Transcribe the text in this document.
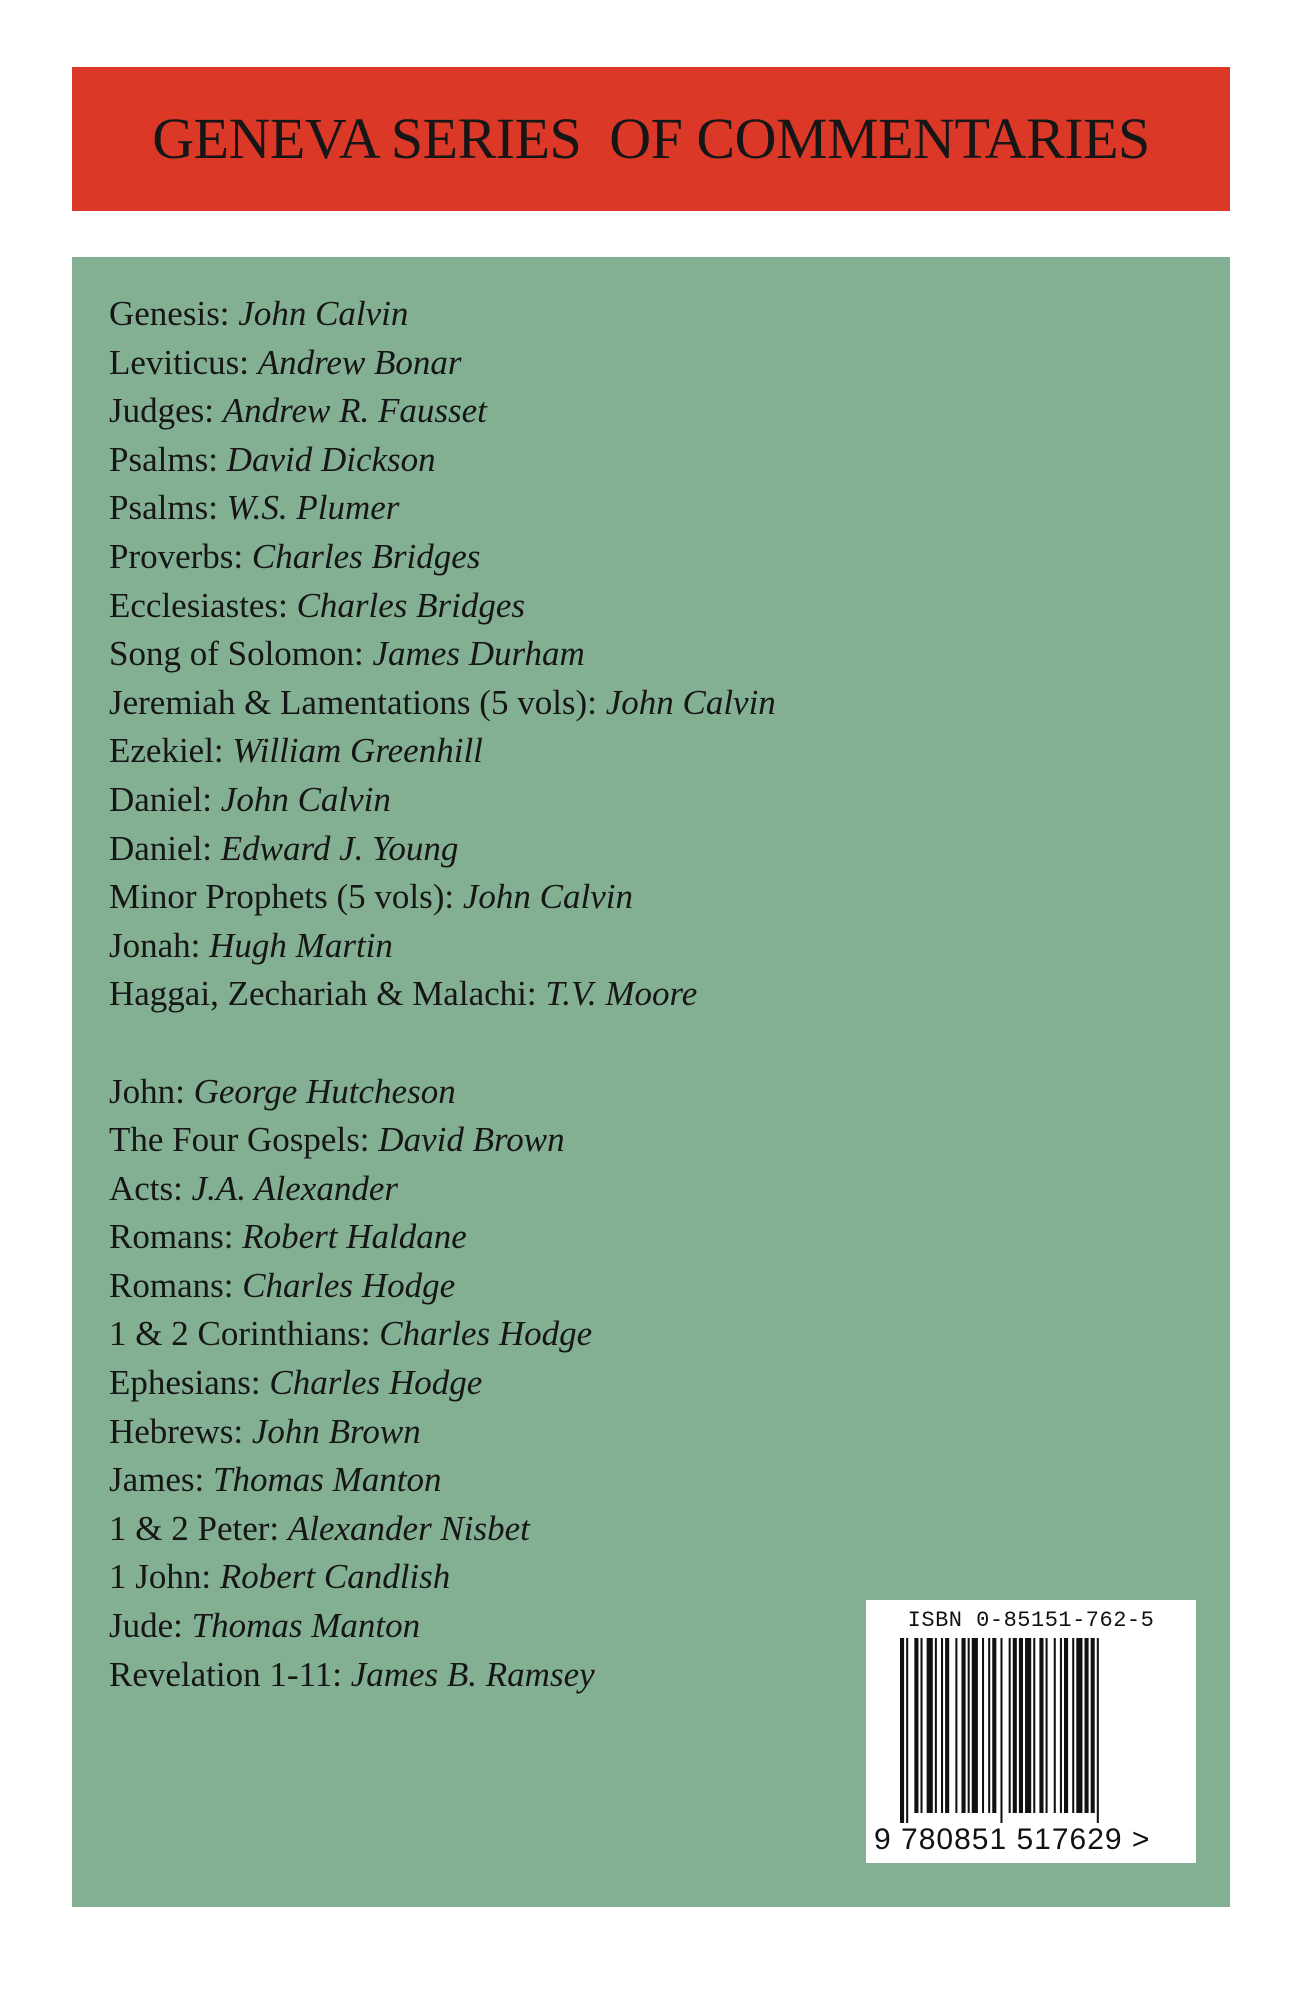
GENEVA SERIES  OF COMMENTARIES
Genesis: John Calvin
Leviticus: Andrew Bonar
Judges: Andrew R. Fausset
Psalms: David Dickson
Psalms: W.S. Plumer
Proverbs: Charles Bridges
Ecclesiastes: Charles Bridges
Song of Solomon: James Durham
Jeremiah & Lamentations (5 vols): John Calvin
Ezekiel: William Greenhill
Daniel: John Calvin
Daniel: Edward J. Young
Minor Prophets (5 vols): John Calvin
Jonah: Hugh Martin
Haggai, Zechariah & Malachi: T.V. Moore
John: George Hutcheson
The Four Gospels: David Brown
Acts: J.A. Alexander
Romans: Robert Haldane
Romans: Charles Hodge
1 & 2 Corinthians: Charles Hodge
Ephesians: Charles Hodge
Hebrews: John Brown
James: Thomas Manton
1 & 2 Peter: Alexander Nisbet
1 John: Robert Candlish
Jude: Thomas Manton
Revelation 1-11: James B. Ramsey
ISBN 0-85151-762-5
9 780851 517629 >
